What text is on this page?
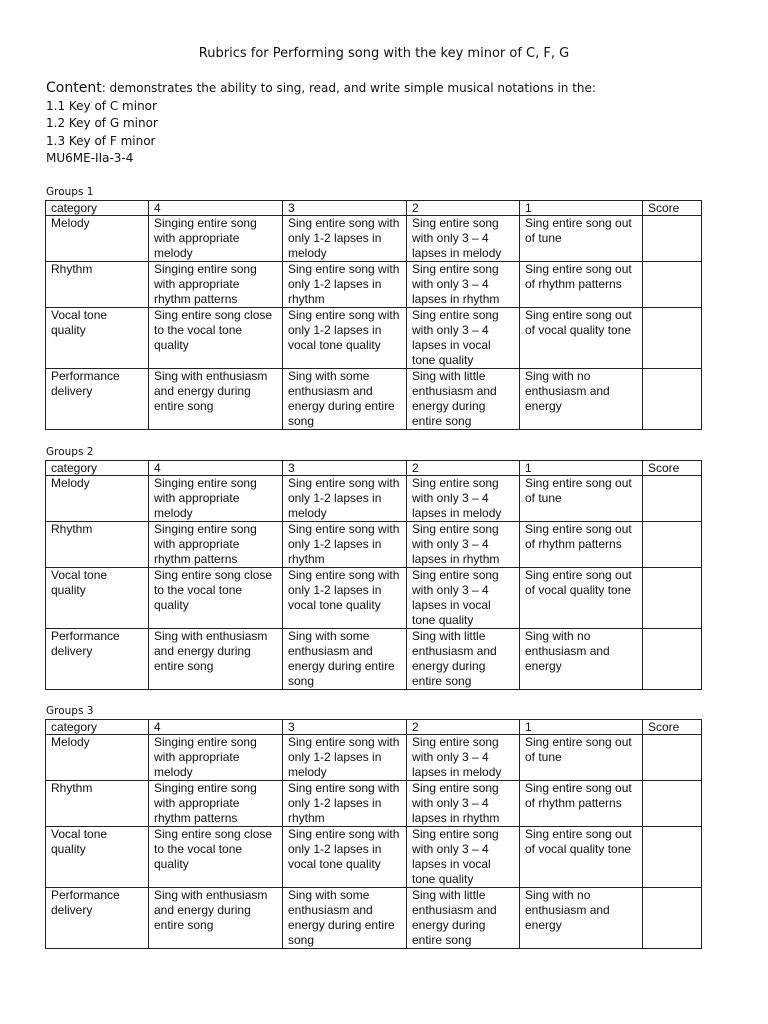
Rubrics for Performing song with the key minor of C, F, G
Content: demonstrates the ability to sing, read, and write simple musical notations in the:
1.1 Key of C minor
1.2 Key of G minor
1.3 Key of F minor
MU6ME-IIa-3-4
Groups 1
category	4	3	2	1	Score
Melody	Singing entire song with appropriate melody	Sing entire song with only 1-2 lapses in melody	Sing entire song with only 3 – 4 lapses in melody	Sing entire song out of tune	
Rhythm	Singing entire song with appropriate rhythm patterns	Sing entire song with only 1-2 lapses in rhythm	Sing entire song with only 3 – 4 lapses in rhythm	Sing entire song out of rhythm patterns	
Vocal tone quality	Sing entire song close to the vocal tone quality	Sing entire song with only 1-2 lapses in vocal tone quality	Sing entire song with only 3 – 4 lapses in vocal tone quality	Sing entire song out of vocal quality tone	
Performance delivery	Sing with enthusiasm and energy during entire song	Sing with some enthusiasm and energy during entire song	Sing with little enthusiasm and energy during entire song	Sing with no enthusiasm and energy	
Groups 2
category	4	3	2	1	Score
Melody	Singing entire song with appropriate melody	Sing entire song with only 1-2 lapses in melody	Sing entire song with only 3 – 4 lapses in melody	Sing entire song out of tune	
Rhythm	Singing entire song with appropriate rhythm patterns	Sing entire song with only 1-2 lapses in rhythm	Sing entire song with only 3 – 4 lapses in rhythm	Sing entire song out of rhythm patterns	
Vocal tone quality	Sing entire song close to the vocal tone quality	Sing entire song with only 1-2 lapses in vocal tone quality	Sing entire song with only 3 – 4 lapses in vocal tone quality	Sing entire song out of vocal quality tone	
Performance delivery	Sing with enthusiasm and energy during entire song	Sing with some enthusiasm and energy during entire song	Sing with little enthusiasm and energy during entire song	Sing with no enthusiasm and energy	
Groups 3
category	4	3	2	1	Score
Melody	Singing entire song with appropriate melody	Sing entire song with only 1-2 lapses in melody	Sing entire song with only 3 – 4 lapses in melody	Sing entire song out of tune	
Rhythm	Singing entire song with appropriate rhythm patterns	Sing entire song with only 1-2 lapses in rhythm	Sing entire song with only 3 – 4 lapses in rhythm	Sing entire song out of rhythm patterns	
Vocal tone quality	Sing entire song close to the vocal tone quality	Sing entire song with only 1-2 lapses in vocal tone quality	Sing entire song with only 3 – 4 lapses in vocal tone quality	Sing entire song out of vocal quality tone	
Performance delivery	Sing with enthusiasm and energy during entire song	Sing with some enthusiasm and energy during entire song	Sing with little enthusiasm and energy during entire song	Sing with no enthusiasm and energy	
